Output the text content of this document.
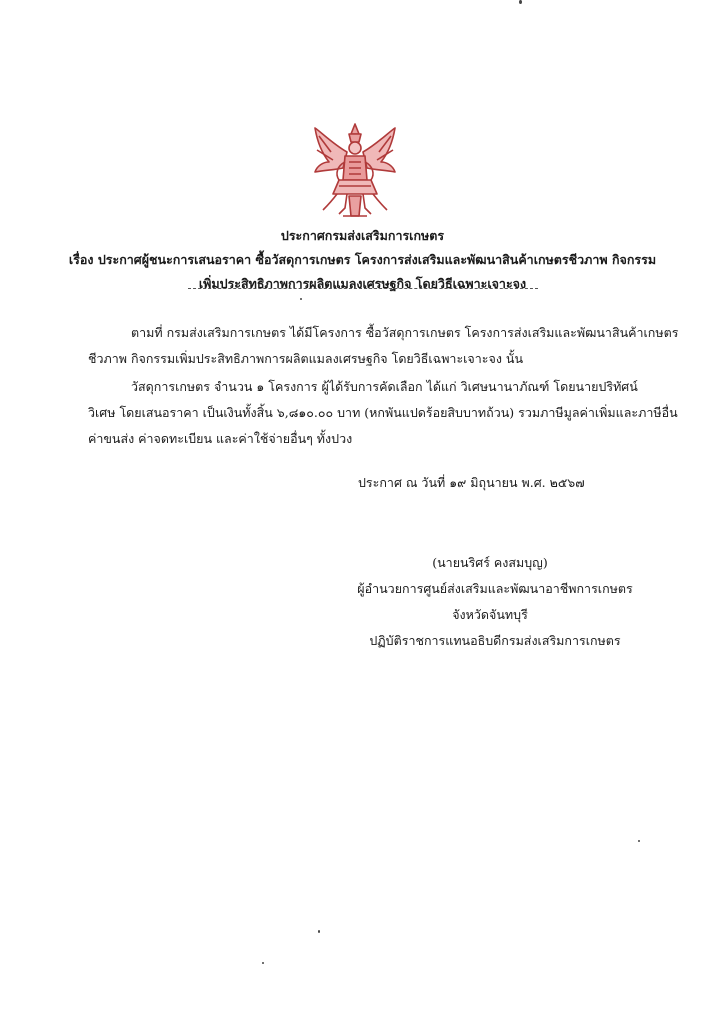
ประกาศกรมส่งเสริมการเกษตร
เรื่อง ประกาศผู้ชนะการเสนอราคา ซื้อวัสดุการเกษตร โครงการส่งเสริมและพัฒนาสินค้าเกษตรชีวภาพ กิจกรรม
เพิ่มประสิทธิภาพการผลิตแมลงเศรษฐกิจ โดยวิธีเฉพาะเจาะจง
ตามที่ กรมส่งเสริมการเกษตร ได้มีโครงการ ซื้อวัสดุการเกษตร โครงการส่งเสริมและพัฒนาสินค้าเกษตร
ชีวภาพ กิจกรรมเพิ่มประสิทธิภาพการผลิตแมลงเศรษฐกิจ โดยวิธีเฉพาะเจาะจง นั้น
วัสดุการเกษตร จำนวน ๑ โครงการ ผู้ได้รับการคัดเลือก ได้แก่ วิเศษนานาภัณฑ์ โดยนายปริทัศน์
วิเศษ โดยเสนอราคา เป็นเงินทั้งสิ้น ๖,๘๑๐.๐๐ บาท (หกพันแปดร้อยสิบบาทถ้วน) รวมภาษีมูลค่าเพิ่มและภาษีอื่น
ค่าขนส่ง ค่าจดทะเบียน และค่าใช้จ่ายอื่นๆ ทั้งปวง
ประกาศ ณ วันที่ ๑๙ มิถุนายน พ.ศ. ๒๕๖๗
(นายนริศร์ คงสมบุญ)
ผู้อำนวยการศูนย์ส่งเสริมและพัฒนาอาชีพการเกษตร
จังหวัดจันทบุรี
ปฏิบัติราชการแทนอธิบดีกรมส่งเสริมการเกษตร
